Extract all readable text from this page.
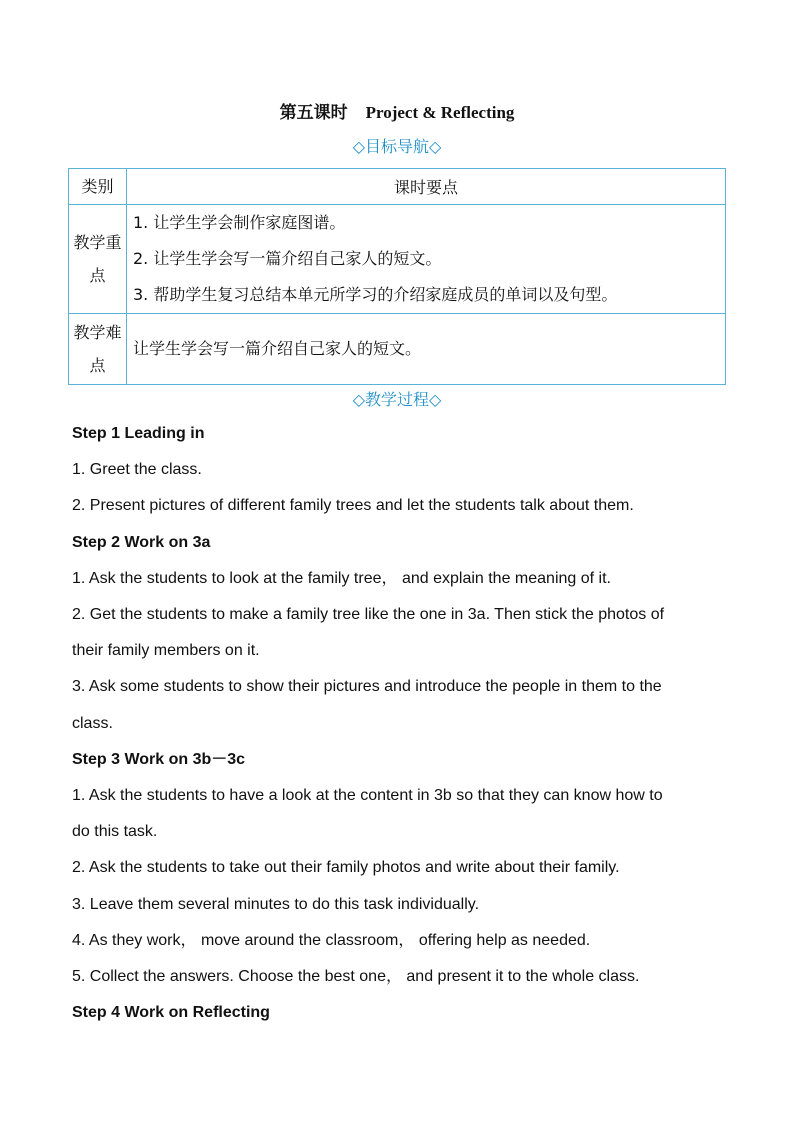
第五课时 Project & Reflecting
◇目标导航◇
类别	课时要点
教学重点	1. 让学生学会制作家庭图谱。
2. 让学生学会写一篇介绍自己家人的短文。
3. 帮助学生复习总结本单元所学习的介绍家庭成员的单词以及句型。

教学难点	让学生学会写一篇介绍自己家人的短文。
◇教学过程◇
Step 1 Leading in
1. Greet the class.
2. Present pictures of different family trees and let the students talk about them.
Step 2 Work on 3a
1. Ask the students to look at the family tree， and explain the meaning of it.
2. Get the students to make a family tree like the one in 3a. Then stick the photos of
their family members on it.
3. Ask some students to show their pictures and introduce the people in them to the
class.
Step 3 Work on 3b－3c
1. Ask the students to have a look at the content in 3b so that they can know how to
do this task.
2. Ask the students to take out their family photos and write about their family.
3. Leave them several minutes to do this task individually.
4. As they work， move around the classroom， offering help as needed.
5. Collect the answers. Choose the best one， and present it to the whole class.
Step 4 Work on Reflecting
